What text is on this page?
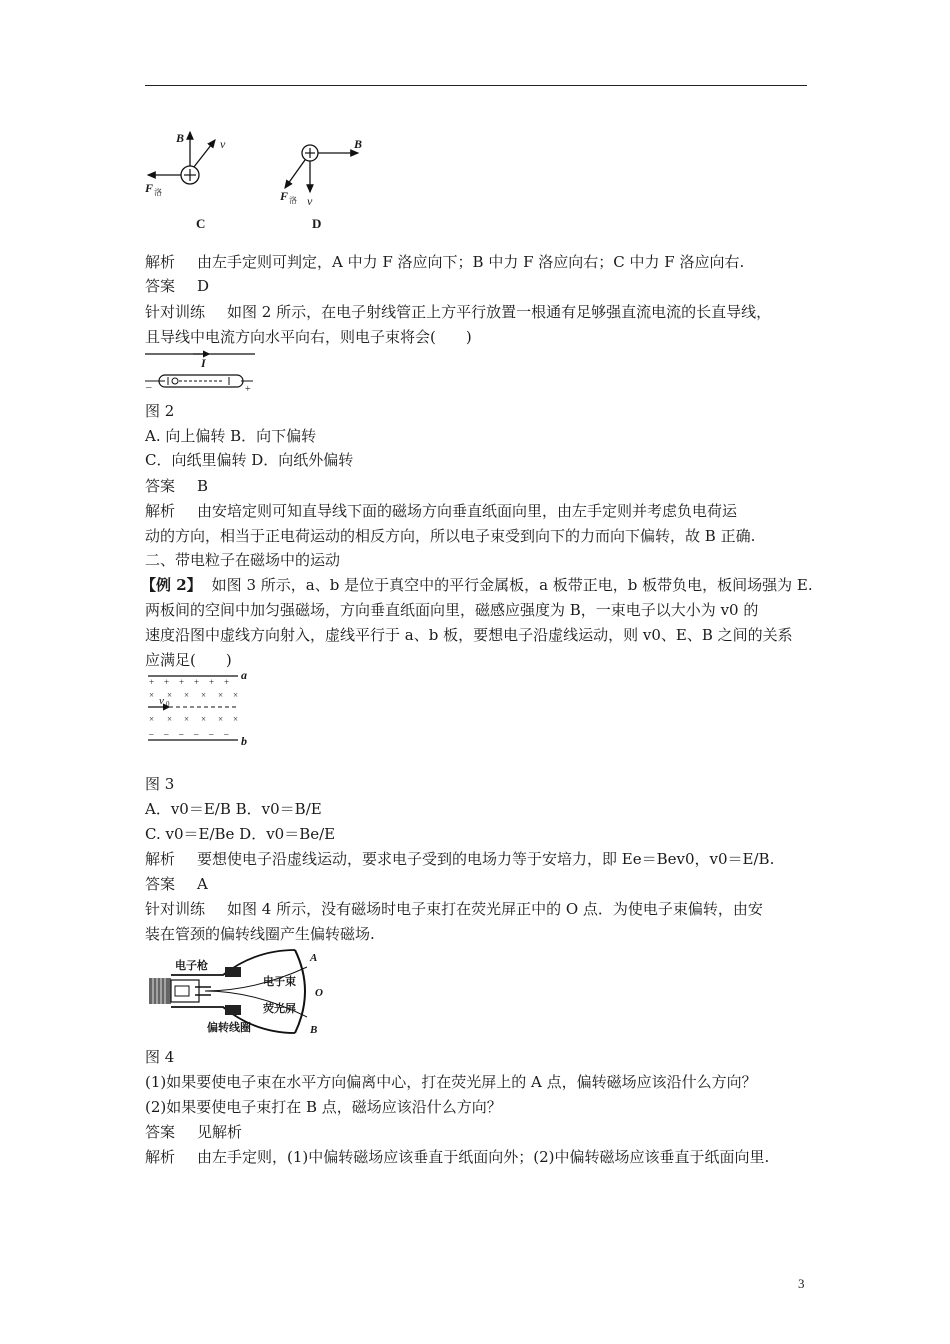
B	v
F 洛
C
B
v
F 洛
D
解析 由左手定则可判定，A 中力 F 洛应向下；B 中力 F 洛应向右；C 中力 F 洛应向右.
答案 D
针对训练 如图 2 所示，在电子射线管正上方平行放置一根通有足够强直流电流的长直导线，
且导线中电流方向水平向右，则电子束将会(　　)
I
–	+
图 2
A. 向上偏转 B．向下偏转
C．向纸里偏转 D．向纸外偏转
答案 B
解析 由安培定则可知直导线下面的磁场方向垂直纸面向里，由左手定则并考虑负电荷运
动的方向，相当于正电荷运动的相反方向，所以电子束受到向下的力而向下偏转，故 B 正确.
二、带电粒子在磁场中的运动
【例 2】 如图 3 所示，a、b 是位于真空中的平行金属板，a 板带正电，b 板带负电，板间场强为 E.
两板间的空间中加匀强磁场，方向垂直纸面向里，磁感应强度为 B，一束电子以大小为 v0 的
速度沿图中虚线方向射入，虚线平行于 a、b 板，要想电子沿虚线运动，则 v0、E、B 之间的关系
应满足(　　)
+ + + + + +
× × × × × ×
× × × × × ×
– – – – – –
v 0
a
b
图 3
A．v0＝E/B B．v0＝B/E
C. v0＝E/Be D．v0＝Be/E
解析 要想使电子沿虚线运动，要求电子受到的电场力等于安培力，即 Ee＝Bev0，v0＝E/B.
答案 A
针对训练 如图 4 所示，没有磁场时电子束打在荧光屏正中的 O 点．为使电子束偏转，由安
装在管颈的偏转线圈产生偏转磁场.
电子枪
电子束
荧光屏
偏转线圈
A
O
B
图 4
(1)如果要使电子束在水平方向偏离中心，打在荧光屏上的 A 点，偏转磁场应该沿什么方向？
(2)如果要使电子束打在 B 点，磁场应该沿什么方向？
答案 见解析
解析 由左手定则，(1)中偏转磁场应该垂直于纸面向外；(2)中偏转磁场应该垂直于纸面向里.
3
